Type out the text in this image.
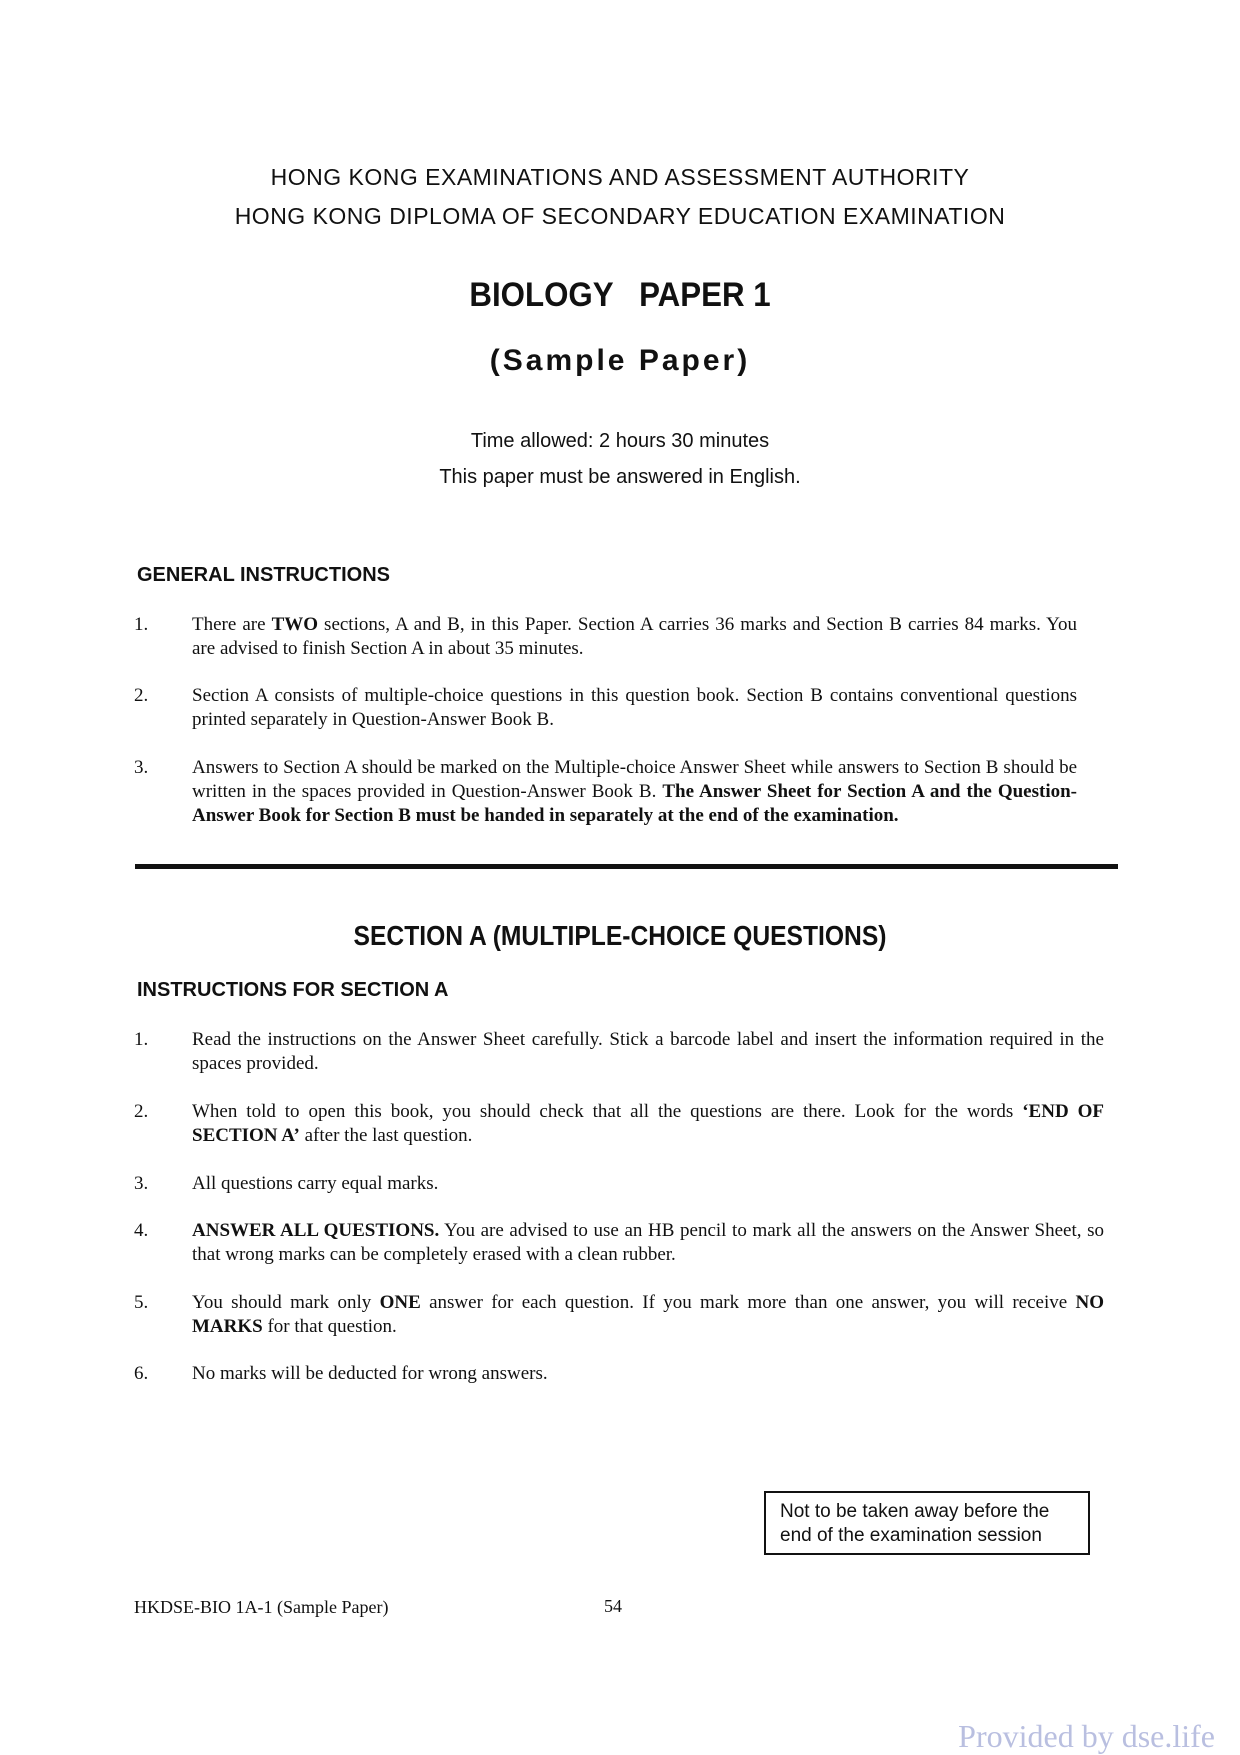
HONG KONG EXAMINATIONS AND ASSESSMENT AUTHORITY
HONG KONG DIPLOMA OF SECONDARY EDUCATION EXAMINATION
BIOLOGY   PAPER 1
(Sample Paper)
Time allowed: 2 hours 30 minutes
This paper must be answered in English.
GENERAL INSTRUCTIONS
1.	There are TWO sections, A and B, in this Paper. Section A carries 36 marks and Section B carries 84 marks. You are advised to finish Section A in about 35 minutes.
2.	Section A consists of multiple-choice questions in this question book. Section B contains conventional questions printed separately in Question-Answer Book B.
3.	Answers to Section A should be marked on the Multiple-choice Answer Sheet while answers to Section B should be written in the spaces provided in Question-Answer Book B. The Answer Sheet for Section A and the Question-Answer Book for Section B must be handed in separately at the end of the examination.
SECTION A (MULTIPLE-CHOICE QUESTIONS)
INSTRUCTIONS FOR SECTION A
1.	Read the instructions on the Answer Sheet carefully. Stick a barcode label and insert the information required in the spaces provided.
2.	When told to open this book, you should check that all the questions are there. Look for the words ‘END OF SECTION A’ after the last question.
3.	All questions carry equal marks.
4.	ANSWER ALL QUESTIONS. You are advised to use an HB pencil to mark all the answers on the Answer Sheet, so that wrong marks can be completely erased with a clean rubber.
5.	You should mark only ONE answer for each question. If you mark more than one answer, you will receive NO MARKS for that question.
6.	No marks will be deducted for wrong answers.
Not to be taken away before the
end of the examination session
HKDSE-BIO 1A-1 (Sample Paper)	54
Provided by dse.life
